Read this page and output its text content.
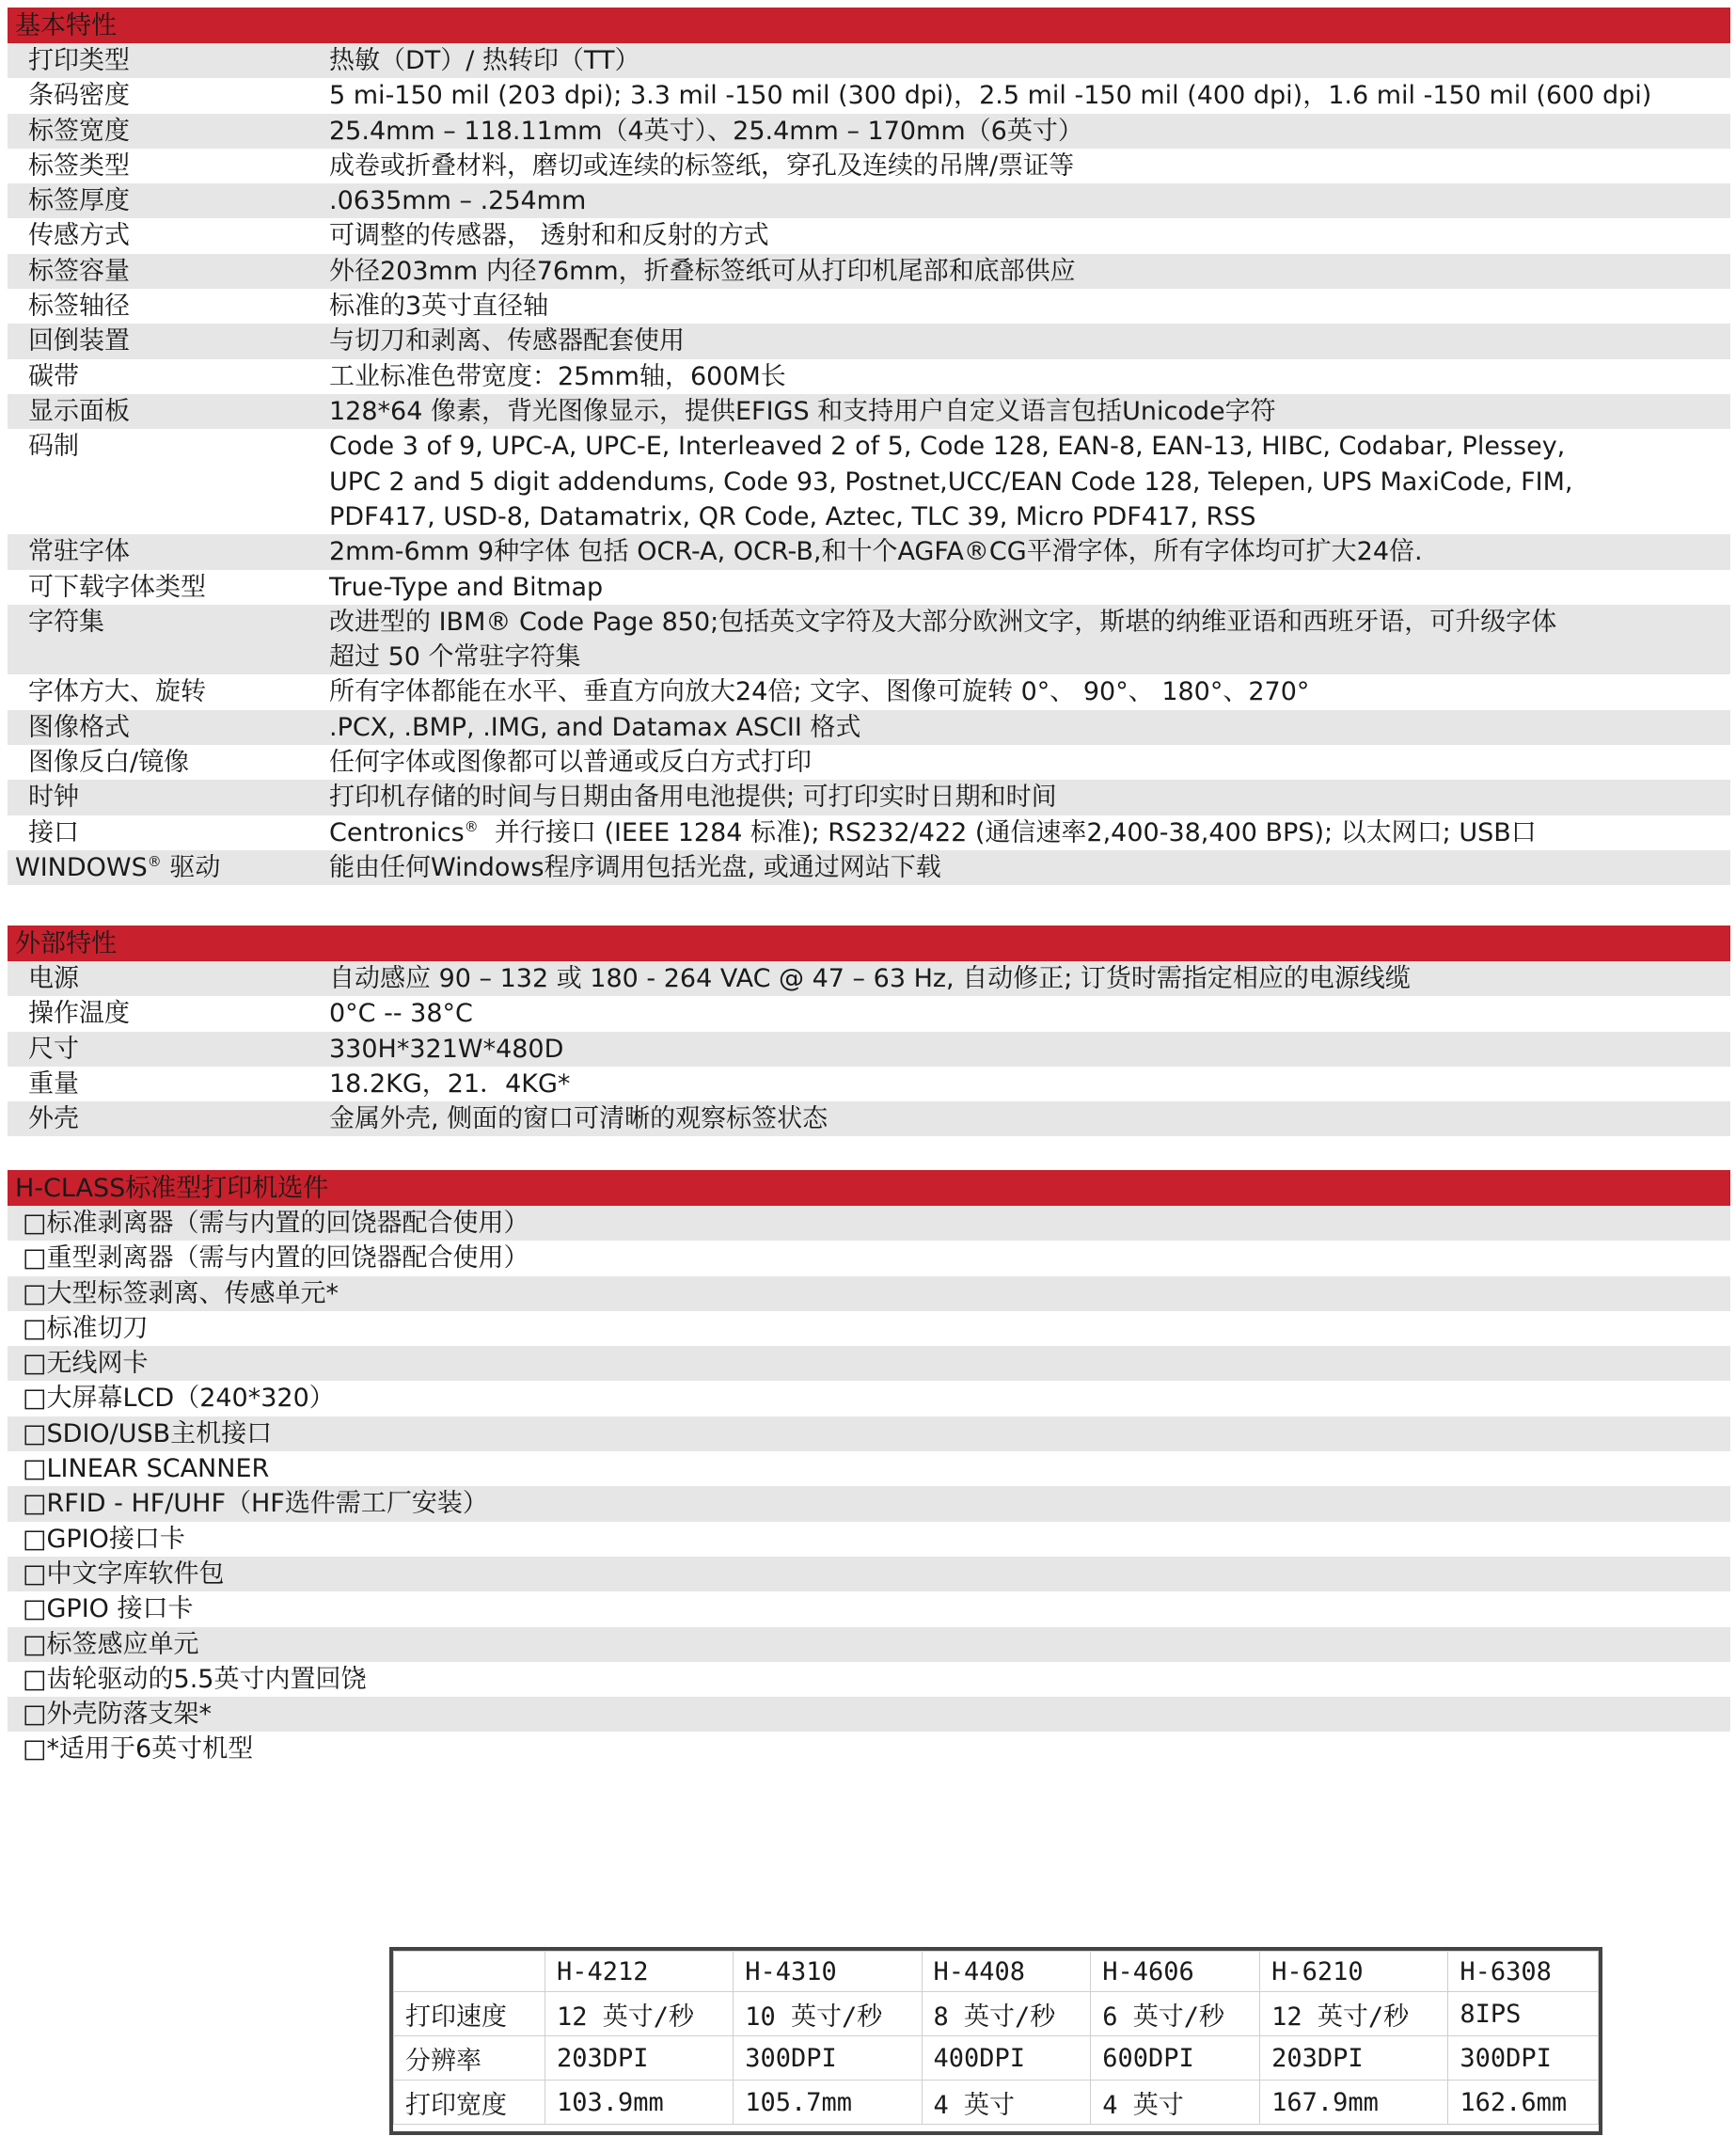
基本特性
打印类型	热敏（DT）/ 热转印（TT）
条码密度	5 mi-150 mil (203 dpi); 3.3 mil -150 mil (300 dpi)，2.5 mil -150 mil (400 dpi)，1.6 mil -150 mil (600 dpi)
标签宽度	25.4mm – 118.11mm（4英寸）、25.4mm – 170mm（6英寸）
标签类型	成卷或折叠材料，磨切或连续的标签纸，穿孔及连续的吊牌/票证等
标签厚度	.0635mm – .254mm
传感方式	可调整的传感器， 透射和和反射的方式
标签容量	外径203mm 内径76mm，折叠标签纸可从打印机尾部和底部供应
标签轴径	标准的3英寸直径轴
回倒装置	与切刀和剥离、传感器配套使用
碳带	工业标准色带宽度：25mm轴，600M长
显示面板	128*64 像素，背光图像显示，提供EFIGS 和支持用户自定义语言包括Unicode字符
码制	Code 3 of 9, UPC-A, UPC-E, Interleaved 2 of 5, Code 128, EAN-8, EAN-13, HIBC, Codabar, Plessey,
UPC 2 and 5 digit addendums, Code 93, Postnet,UCC/EAN Code 128, Telepen, UPS MaxiCode, FIM,
PDF417, USD-8, Datamatrix, QR Code, Aztec, TLC 39, Micro PDF417, RSS
常驻字体	2mm-6mm 9种字体 包括 OCR-A, OCR-B,和十个AGFA®CG平滑字体，所有字体均可扩大24倍.
可下载字体类型	True-Type and Bitmap
字符集	改进型的 IBM® Code Page 850;包括英文字符及大部分欧洲文字，斯堪的纳维亚语和西班牙语，可升级字体
超过 50 个常驻字符集
字体方大、旋转	所有字体都能在水平、垂直方向放大24倍; 文字、图像可旋转 0°、 90°、 180°、270°
图像格式	.PCX, .BMP, .IMG, and Datamax ASCII 格式
图像反白/镜像	任何字体或图像都可以普通或反白方式打印
时钟	打印机存储的时间与日期由备用电池提供; 可打印实时日期和时间
接口	Centronics®  并行接口 (IEEE 1284 标准); RS232/422 (通信速率2,400-38,400 BPS); 以太网口; USB口
WINDOWS® 驱动	能由任何Windows程序调用包括光盘, 或通过网站下载
外部特性
电源	自动感应 90 – 132 或 180 - 264 VAC @ 47 – 63 Hz, 自动修正; 订货时需指定相应的电源线缆
操作温度	0°C -- 38°C
尺寸	330H*321W*480D
重量	18.2KG，21．4KG*
外壳	金属外壳, 侧面的窗口可清晰的观察标签状态
H-CLASS标准型打印机选件
□标准剥离器（需与内置的回饶器配合使用）
□重型剥离器（需与内置的回饶器配合使用）
□大型标签剥离、传感单元*
□标准切刀
□无线网卡
□大屏幕LCD（240*320）
□SDIO/USB主机接口
□LINEAR SCANNER
□RFID - HF/UHF（HF选件需工厂安装）
□GPIO接口卡
□中文字库软件包
□GPIO 接口卡
□标签感应单元
□齿轮驱动的5.5英寸内置回饶
□外壳防落支架*
□*适用于6英寸机型
	H-4212	H-4310	H-4408	H-4606	H-6210	H-6308
打印速度	12 英寸/秒	10 英寸/秒	8 英寸/秒	6 英寸/秒	12 英寸/秒	8IPS
分辨率	203DPI	300DPI	400DPI	600DPI	203DPI	300DPI
打印宽度	103.9mm	105.7mm	4 英寸	4 英寸	167.9mm	162.6mm
